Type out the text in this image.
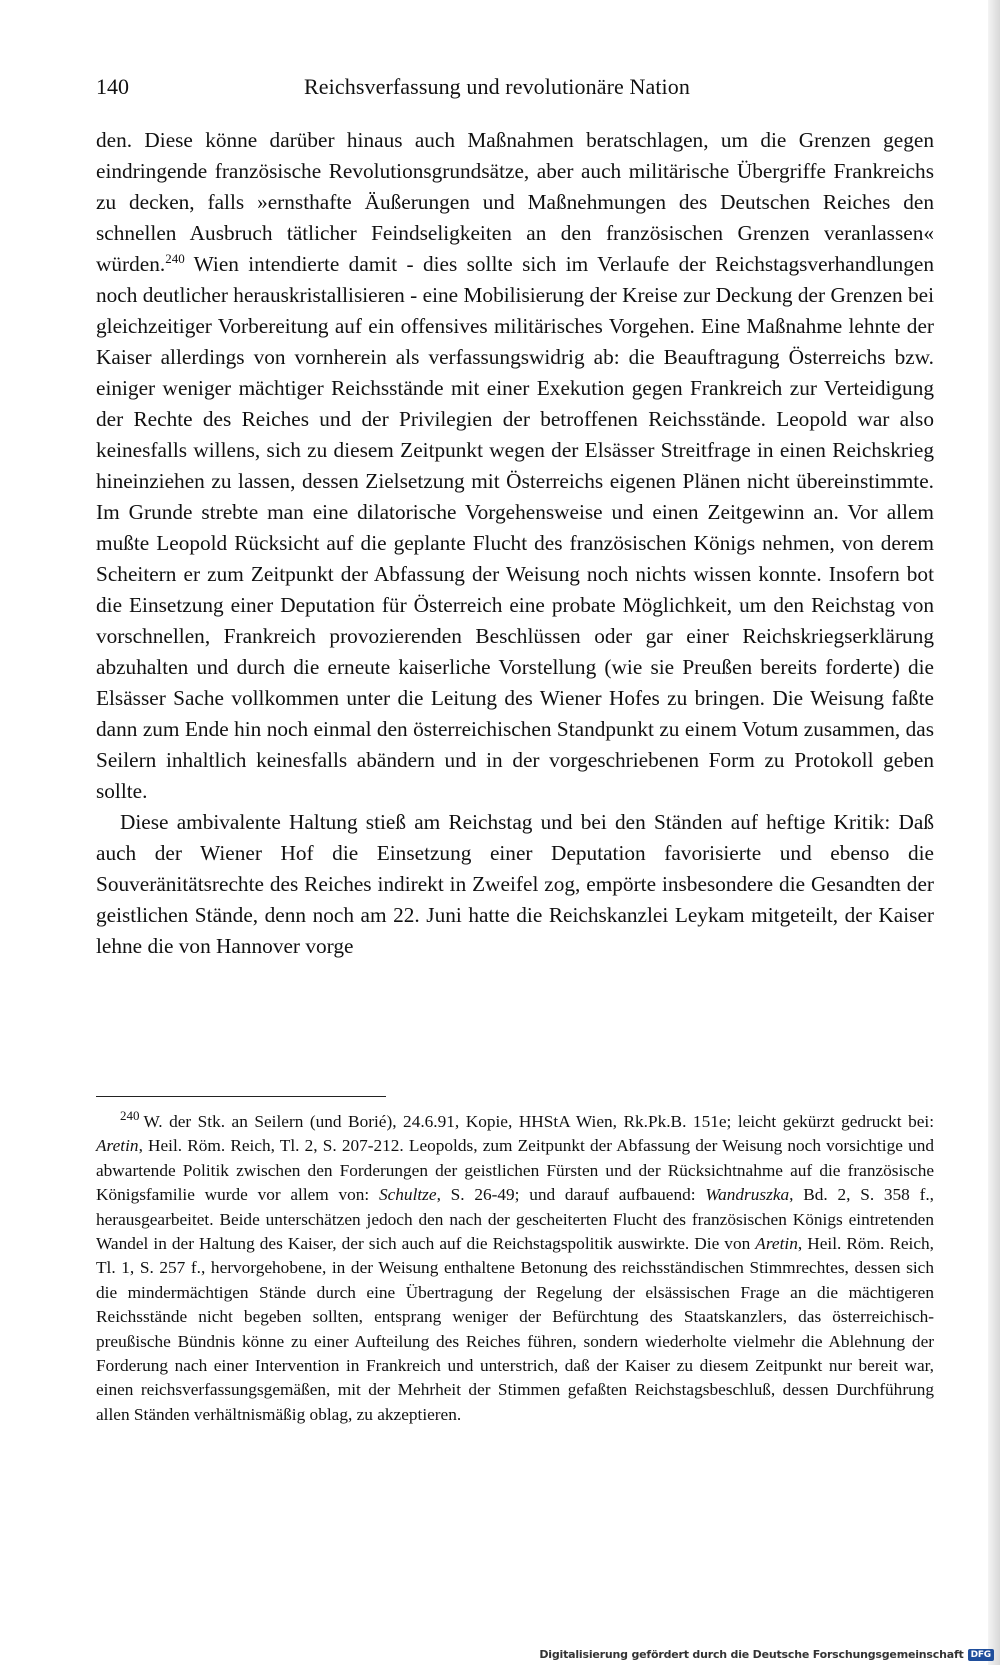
140	Reichsverfassung und revolutionäre Nation

den. Diese könne darüber hinaus auch Maßnahmen beratschlagen, um die Grenzen gegen eindringende französische Revolutionsgrundsätze, aber auch militärische Übergriffe Frankreichs zu decken, falls »ernsthafte Äußerungen und Maßnehmungen des Deutschen Reiches den schnellen Ausbruch tätlicher Feindseligkeiten an den französischen Grenzen veranlassen« würden.$^{240}$ Wien intendierte damit - dies sollte sich im Verlaufe der Reichstagsverhandlungen noch deutlicher herauskristallisieren - eine Mobilisierung der Kreise zur Deckung der Grenzen bei gleichzeitiger Vorbereitung auf ein offensives militärisches Vorgehen. Eine Maßnahme lehnte der Kaiser allerdings von vornherein als verfassungswidrig ab: die Beauftragung Österreichs bzw. einiger weniger mächtiger Reichsstände mit einer Exekution gegen Frankreich zur Verteidigung der Rechte des Reiches und der Privilegien der betroffenen Reichsstände. Leopold war also keinesfalls willens, sich zu diesem Zeitpunkt wegen der Elsässer Streitfrage in einen Reichskrieg hineinziehen zu lassen, dessen Zielsetzung mit Österreichs eigenen Plänen nicht übereinstimmte. Im Grunde strebte man eine dilatorische Vorgehensweise und einen Zeitgewinn an. Vor allem mußte Leopold Rücksicht auf die geplante Flucht des französischen Königs nehmen, von derem Scheitern er zum Zeitpunkt der Abfassung der Weisung noch nichts wissen konnte. Insofern bot die Einsetzung einer Deputation für Österreich eine probate Möglichkeit, um den Reichstag von vorschnellen, Frankreich provozierenden Beschlüssen oder gar einer Reichskriegserklärung abzuhalten und durch die erneute kaiserliche Vorstellung (wie sie Preußen bereits forderte) die Elsässer Sache vollkommen unter die Leitung des Wiener Hofes zu bringen. Die Weisung faßte dann zum Ende hin noch einmal den österreichischen Standpunkt zu einem Votum zusammen, das Seilern inhaltlich keinesfalls abändern und in der vorgeschriebenen Form zu Protokoll geben sollte.

Diese ambivalente Haltung stieß am Reichstag und bei den Ständen auf heftige Kritik: Daß auch der Wiener Hof die Einsetzung einer Deputation favorisierte und ebenso die Souveränitätsrechte des Reiches indirekt in Zweifel zog, empörte insbesondere die Gesandten der geistlichen Stände, denn noch am 22. Juni hatte die Reichskanzlei Leykam mitgeteilt, der Kaiser lehne die von Hannover vorge

$^{240}$ W. der Stk. an Seilern (und Borié), 24.6.91, Kopie, HHStA Wien, Rk.Pk.B. 151e; leicht gekürzt gedruckt bei: Aretin, Heil. Röm. Reich, Tl. 2, S. 207-212. Leopolds, zum Zeitpunkt der Abfassung der Weisung noch vorsichtige und abwartende Politik zwischen den Forderungen der geistlichen Fürsten und der Rücksichtnahme auf die französische Königsfamilie wurde vor allem von: Schultze, S. 26-49; und darauf aufbauend: Wandruszka, Bd. 2, S. 358 f., herausgearbeitet. Beide unterschätzen jedoch den nach der gescheiterten Flucht des französischen Königs eintretenden Wandel in der Haltung des Kaiser, der sich auch auf die Reichstagspolitik auswirkte. Die von Aretin, Heil. Röm. Reich, Tl. 1, S. 257 f., hervorgehobene, in der Weisung enthaltene Betonung des reichsständischen Stimmrechtes, dessen sich die mindermächtigen Stände durch eine Übertragung der Regelung der elsässischen Frage an die mächtigeren Reichsstände nicht begeben sollten, entsprang weniger der Befürchtung des Staatskanzlers, das österreichisch-preußische Bündnis könne zu einer Aufteilung des Reiches führen, sondern wiederholte vielmehr die Ablehnung der Forderung nach einer Intervention in Frankreich und unterstrich, daß der Kaiser zu diesem Zeitpunkt nur bereit war, einen reichsverfassungsgemäßen, mit der Mehrheit der Stimmen gefaßten Reichstagsbeschluß, dessen Durchführung allen Ständen verhältnismäßig oblag, zu akzeptieren.

Digitalisierung gefördert durch die Deutsche Forschungsgemeinschaft DFG
